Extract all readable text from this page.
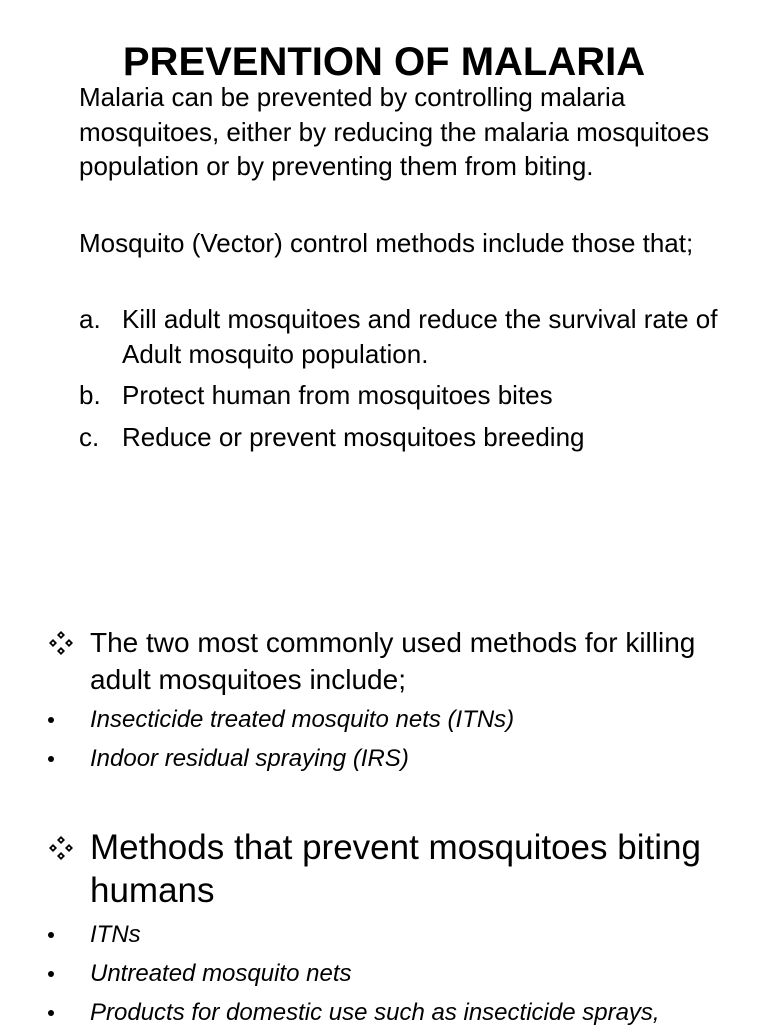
PREVENTION OF MALARIA

Malaria can be prevented by controlling malaria mosquitoes, either by reducing the malaria mosquitoes population or by preventing them from biting.

Mosquito (Vector) control methods include those that;

a. Kill adult mosquitoes and reduce the survival rate of Adult mosquito population.
b. Protect human from mosquitoes bites
c. Reduce or prevent mosquitoes breeding
The two most commonly used methods for killing adult mosquitoes include;
Insecticide treated mosquito nets (ITNs)
Indoor residual spraying (IRS)
Methods that prevent mosquitoes biting humans
ITNs
Untreated mosquito nets
Products for domestic use such as insecticide sprays,
